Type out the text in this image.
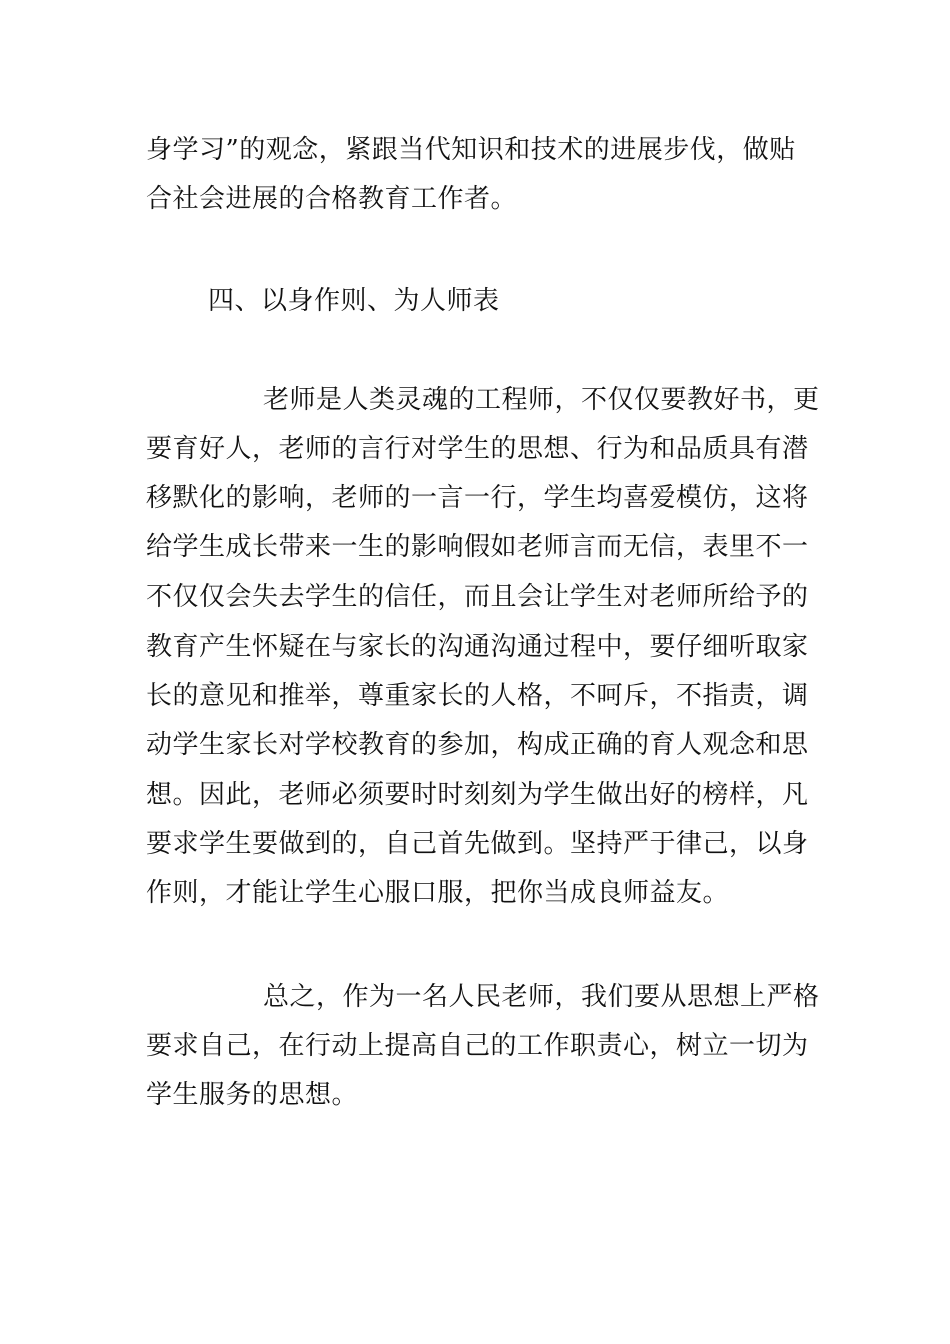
身学习”的观念，紧跟当代知识和技术的进展步伐，做贴
合社会进展的合格教育工作者。
四、以身作则、为人师表
老师是人类灵魂的工程师，不仅仅要教好书，更
要育好人，老师的言行对学生的思想、行为和品质具有潜
移默化的影响，老师的一言一行，学生均喜爱模仿，这将
给学生成长带来一生的影响假如老师言而无信，表里不一
不仅仅会失去学生的信任，而且会让学生对老师所给予的
教育产生怀疑在与家长的沟通沟通过程中，要仔细听取家
长的意见和推举，尊重家长的人格，不呵斥，不指责，调
动学生家长对学校教育的参加，构成正确的育人观念和思
想。因此，老师必须要时时刻刻为学生做出好的榜样，凡
要求学生要做到的，自己首先做到。坚持严于律己，以身
作则，才能让学生心服口服，把你当成良师益友。
总之，作为一名人民老师，我们要从思想上严格
要求自己，在行动上提高自己的工作职责心，树立一切为
学生服务的思想。
